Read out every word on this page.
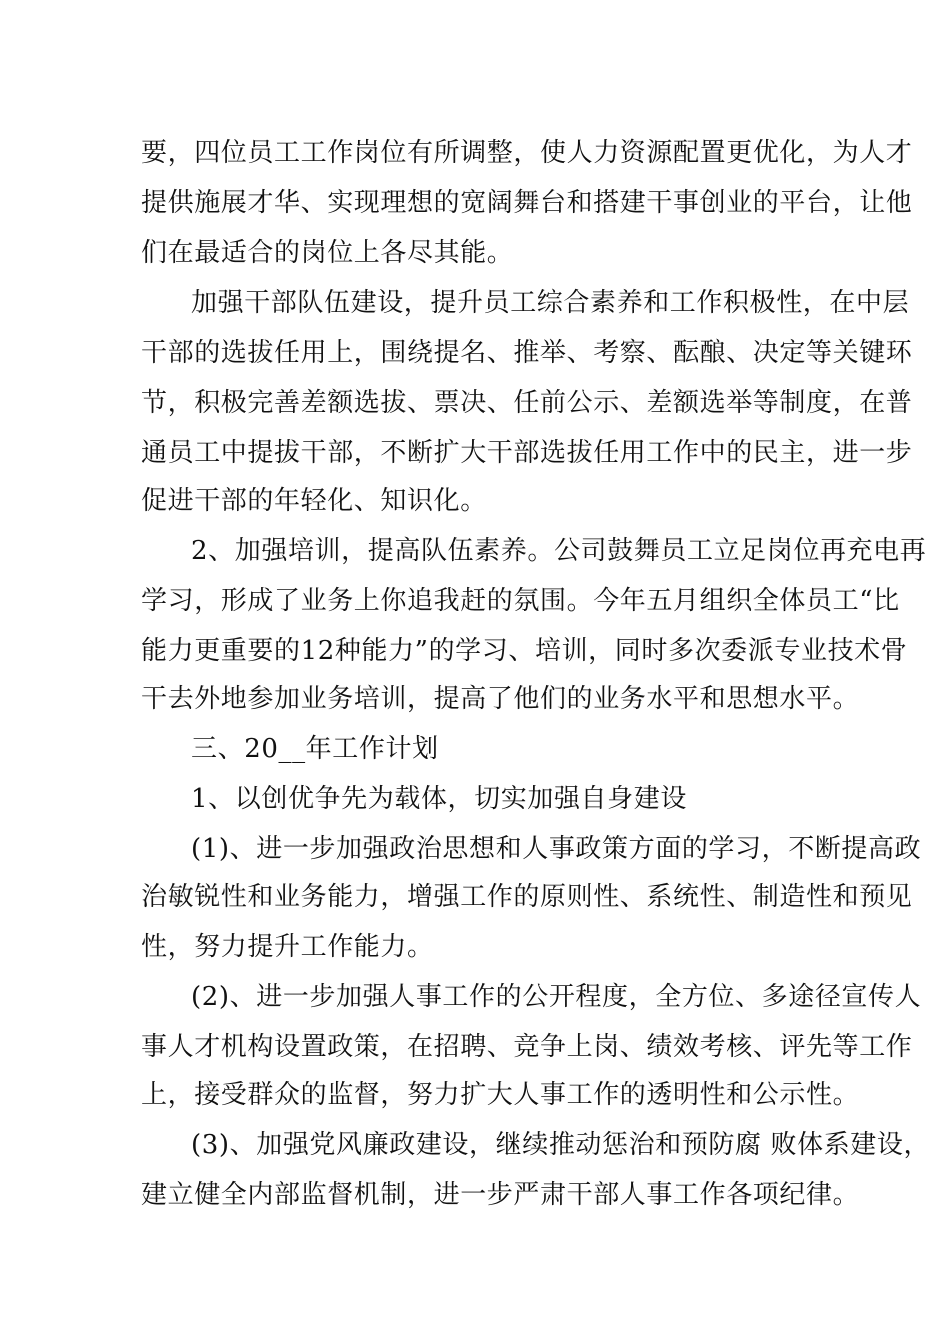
要，四位员工工作岗位有所调整，使人力资源配置更优化，为人才
提供施展才华、实现理想的宽阔舞台和搭建干事创业的平台，让他
们在最适合的岗位上各尽其能。
加强干部队伍建设，提升员工综合素养和工作积极性，在中层
干部的选拔任用上，围绕提名、推举、考察、酝酿、决定等关键环
节，积极完善差额选拔、票决、任前公示、差额选举等制度，在普
通员工中提拔干部，不断扩大干部选拔任用工作中的民主，进一步
促进干部的年轻化、知识化。
2、加强培训，提高队伍素养。公司鼓舞员工立足岗位再充电再
学习，形成了业务上你追我赶的氛围。今年五月组织全体员工“比
能力更重要的12种能力”的学习、培训，同时多次委派专业技术骨
干去外地参加业务培训，提高了他们的业务水平和思想水平。
三、20__年工作计划
1、以创优争先为载体，切实加强自身建设
(1)、进一步加强政治思想和人事政策方面的学习，不断提高政
治敏锐性和业务能力，增强工作的原则性、系统性、制造性和预见
性，努力提升工作能力。
(2)、进一步加强人事工作的公开程度，全方位、多途径宣传人
事人才机构设置政策，在招聘、竞争上岗、绩效考核、评先等工作
上，接受群众的监督，努力扩大人事工作的透明性和公示性。
(3)、加强党风廉政建设，继续推动惩治和预防腐 败体系建设，
建立健全内部监督机制，进一步严肃干部人事工作各项纪律。
